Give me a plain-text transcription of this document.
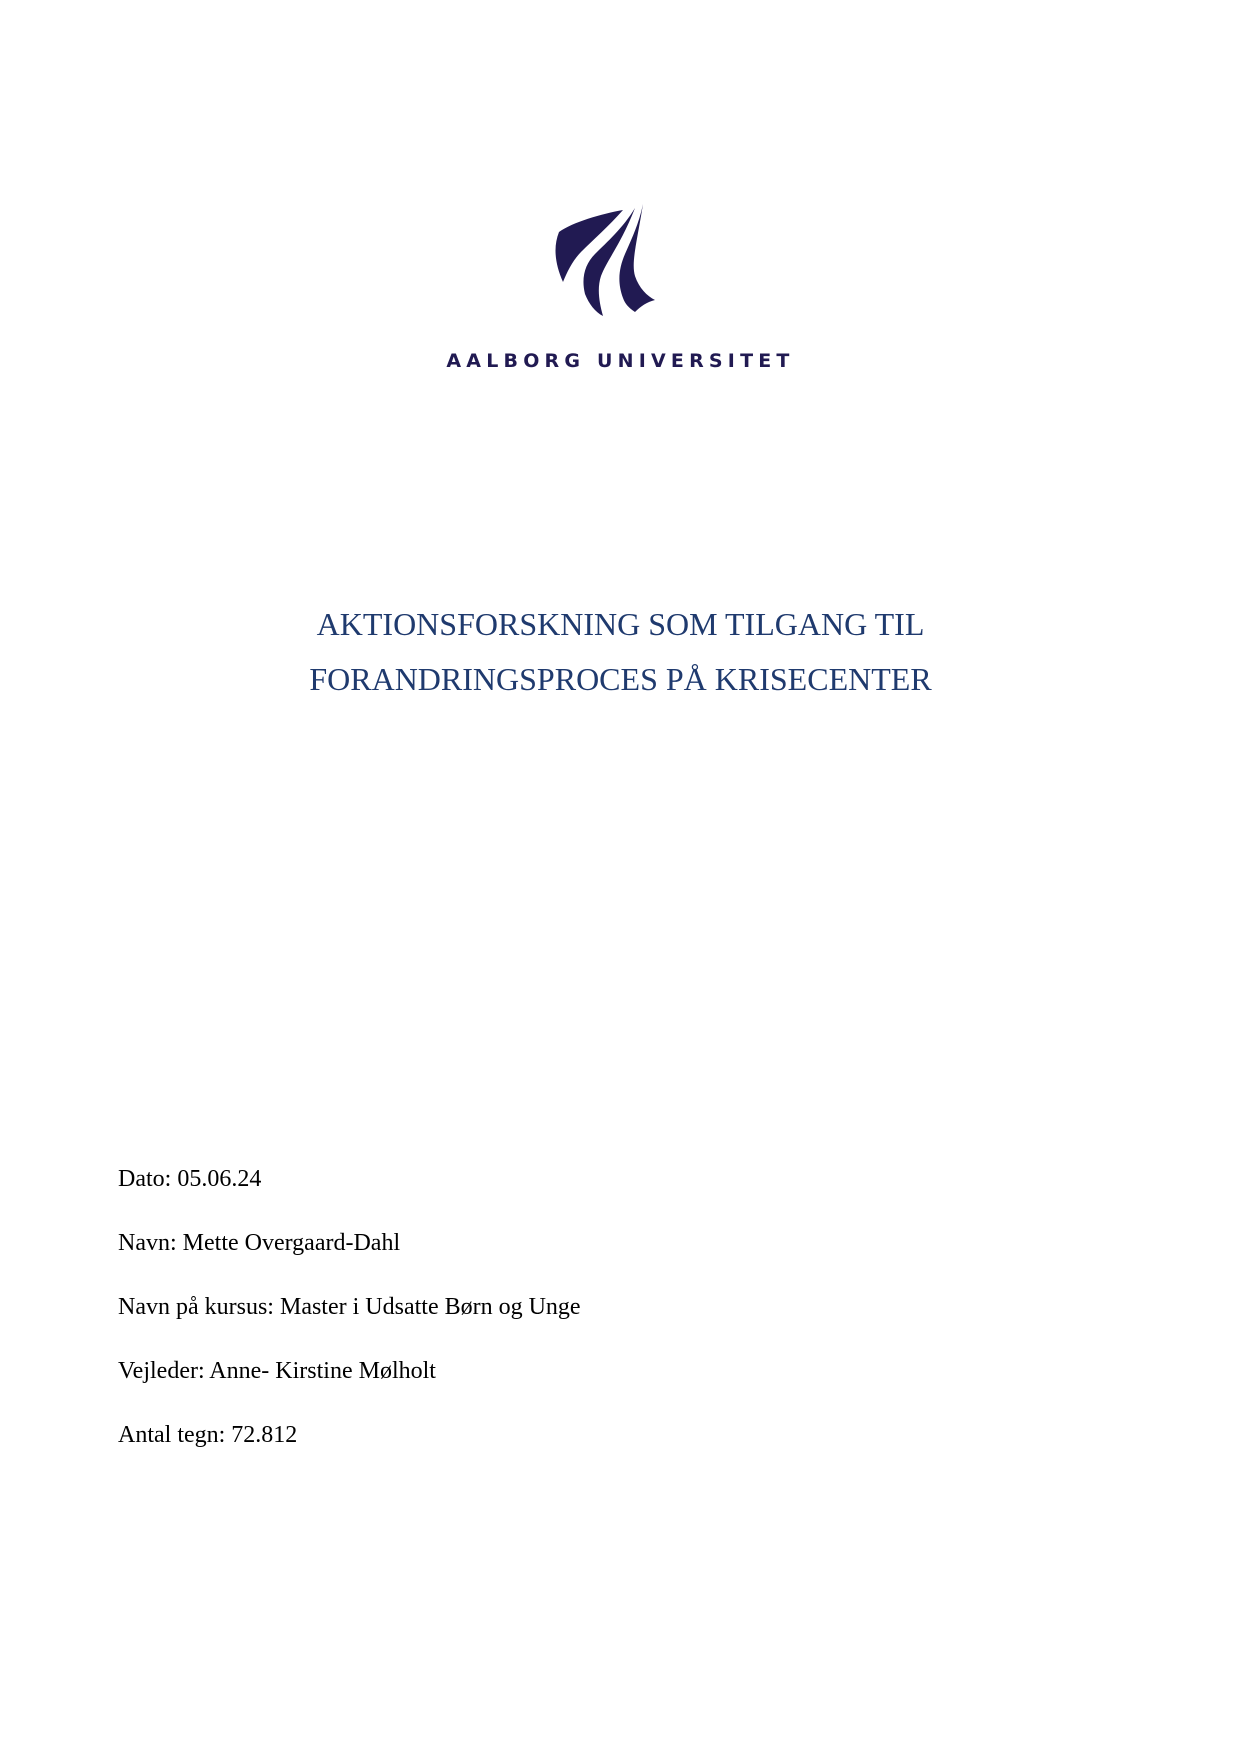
AALBORG UNIVERSITET
AKTIONSFORSKNING SOM TILGANG TIL
FORANDRINGSPROCES PÅ KRISECENTER
Dato: 05.06.24
Navn: Mette Overgaard-Dahl
Navn på kursus: Master i Udsatte Børn og Unge
Vejleder: Anne- Kirstine Mølholt
Antal tegn: 72.812
